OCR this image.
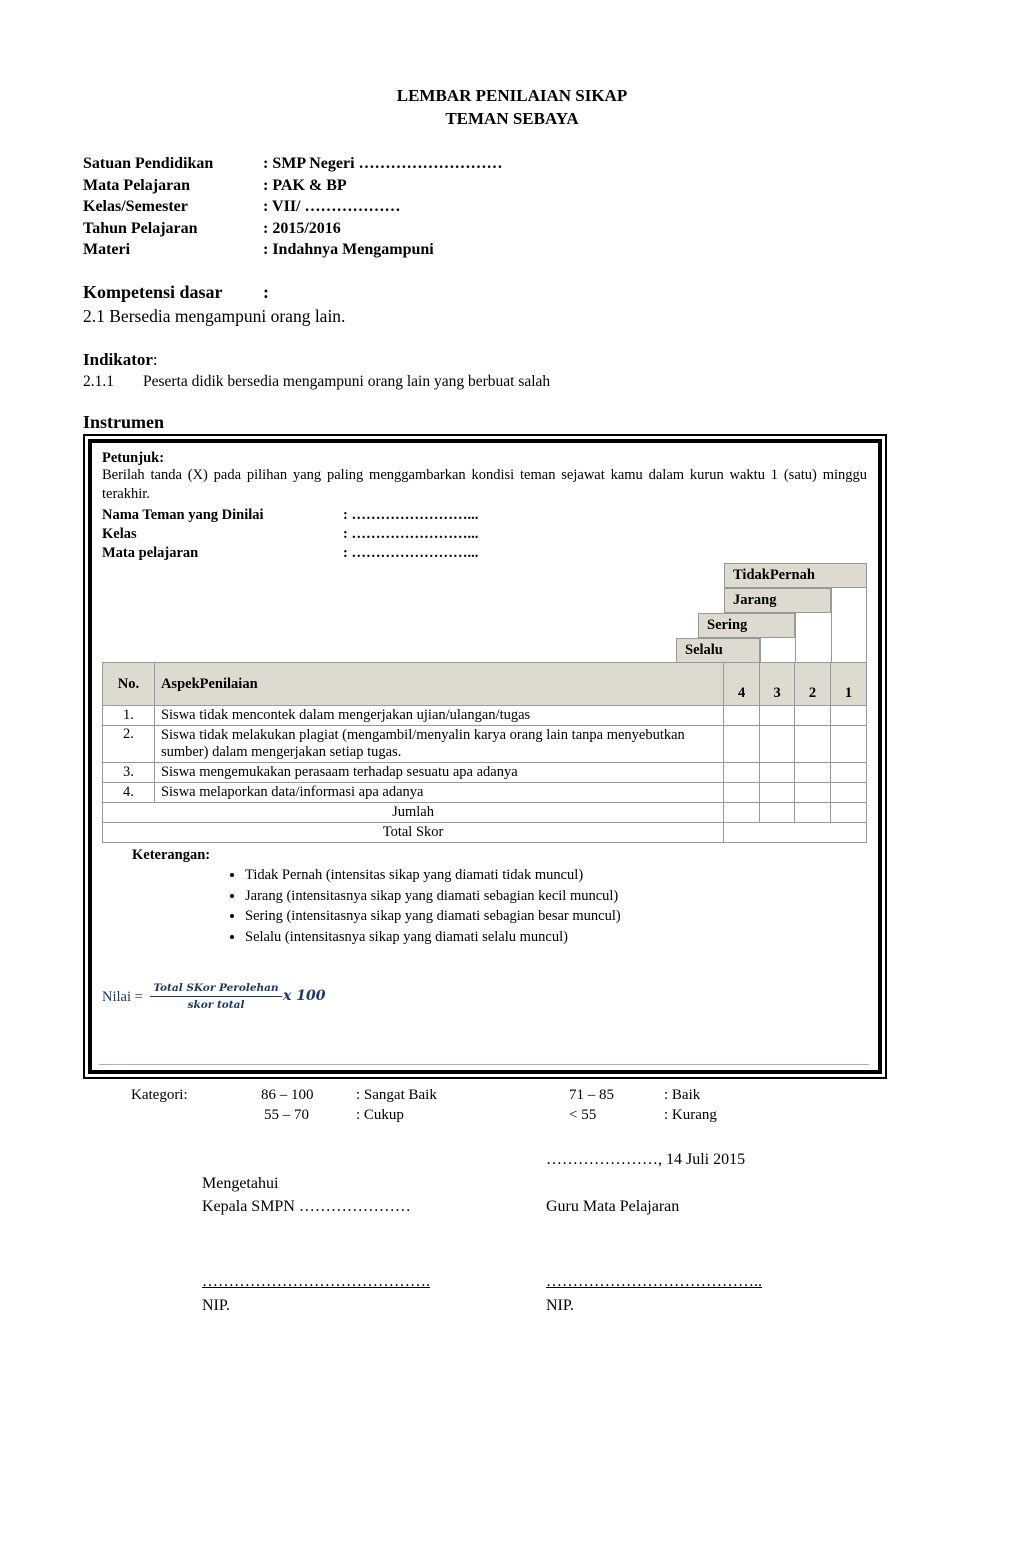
LEMBAR PENILAIAN SIKAP
TEMAN SEBAYA
Satuan Pendidikan	: SMP Negeri ………………………
Mata Pelajaran	: PAK & BP
Kelas/Semester	: VII/ ………………
Tahun Pelajaran	: 2015/2016
Materi	: Indahnya Mengampuni
Kompetensi dasar :
2.1 Bersedia mengampuni orang lain.
Indikator:
2.1.1 Peserta didik bersedia mengampuni orang lain yang berbuat salah
Instrumen
Petunjuk:
Berilah tanda (X) pada pilihan yang paling menggambarkan kondisi teman sejawat kamu dalam kurun waktu 1 (satu) minggu terakhir.
Nama Teman yang Dinilai	: ……………………...
Kelas	: ……………………...
Mata pelajaran	: ……………………...
TidakPernah
Jarang
Sering
Selalu
No.	AspekPenilaian	4	3	2	1
1.	Siswa tidak mencontek dalam mengerjakan ujian/ulangan/tugas				
2.	Siswa tidak melakukan plagiat (mengambil/menyalin karya orang lain tanpa menyebutkan sumber) dalam mengerjakan setiap tugas.				
3.	Siswa mengemukakan perasaam terhadap sesuatu apa adanya				
4.	Siswa melaporkan data/informasi apa adanya				
Jumlah					
Total Skor					
Keterangan:
• Tidak Pernah (intensitas sikap yang diamati tidak muncul)
• Jarang (intensitasnya sikap yang diamati sebagian kecil muncul)
• Sering (intensitasnya sikap yang diamati sebagian besar muncul)
• Selalu (intensitasnya sikap yang diamati selalu muncul)
Nilai =
Total SKor Perolehan
skor total
x 100
Kategori:	86 – 100	: Sangat Baik	71 – 85	: Baik
55 – 70	: Cukup	< 55	: Kurang
…………………, 14 Juli 2015
Mengetahui
Kepala SMPN …………………	Guru Mata Pelajaran
…………………………………….	…………………………………..
NIP.	NIP.
